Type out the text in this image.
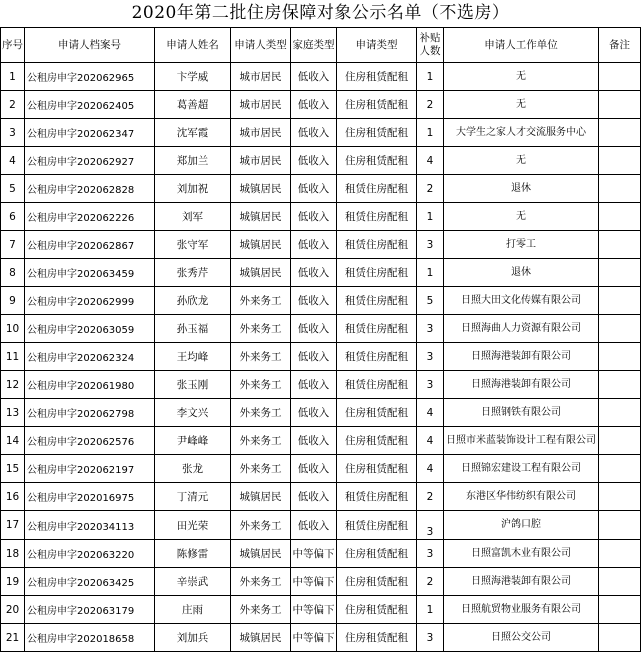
2020年第二批住房保障对象公示名单（不选房）
序号	申请人档案号	申请人姓名	申请人类型	家庭类型	申请类型	补贴人数	申请人工作单位	备注
1	公租房申字202062965	卞学威	城市居民	低收入	住房租赁配租	1	无	
2	公租房申字202062405	葛善超	城市居民	低收入	住房租赁配租	2	无	
3	公租房申字202062347	沈军霞	城市居民	低收入	住房租赁配租	1	大学生之家人才交流服务中心	
4	公租房申字202062927	郑加兰	城市居民	低收入	住房租赁配租	4	无	
5	公租房申字202062828	刘加祝	城镇居民	低收入	租赁住房配租	2	退休	
6	公租房申字202062226	刘军	城镇居民	低收入	租赁住房配租	1	无	
7	公租房申字202062867	张守军	城镇居民	低收入	租赁住房配租	3	打零工	
8	公租房申字202063459	张秀芹	城镇居民	低收入	租赁住房配租	1	退休	
9	公租房申字202062999	孙欣龙	外来务工	低收入	租赁住房配租	5	日照大田文化传媒有限公司	
10	公租房申字202063059	孙玉福	外来务工	低收入	租赁住房配租	3	日照海曲人力资源有限公司	
11	公租房申字202062324	王均峰	外来务工	低收入	租赁住房配租	3	日照海港装卸有限公司	
12	公租房申字202061980	张玉刚	外来务工	低收入	租赁住房配租	3	日照海港装卸有限公司	
13	公租房申字202062798	李文兴	外来务工	低收入	住房租赁配租	4	日照钢铁有限公司	
14	公租房申字202062576	尹峰峰	外来务工	低收入	住房租赁配租	4	日照市米蓝装饰设计工程有限公司	
15	公租房申字202062197	张龙	外来务工	低收入	住房租赁配租	4	日照锦宏建设工程有限公司	
16	公租房申字202016975	丁清元	城镇居民	低收入	租赁住房配租	2	东港区华伟纺织有限公司	
17	公租房申字202034113	田光荣	外来务工	低收入	租赁住房配租	3	沪鸽口腔	
18	公租房申字202063220	陈修雷	城镇居民	中等偏下	住房租赁配租	3	日照富凯木业有限公司	
19	公租房申字202063425	辛崇武	外来务工	中等偏下	住房租赁配租	2	日照海港装卸有限公司	
20	公租房申字202063179	庄雨	外来务工	中等偏下	住房租赁配租	1	日照航贸物业服务有限公司	
21	公租房申字202018658	刘加兵	城镇居民	中等偏下	住房租赁配租	3	日照公交公司	
